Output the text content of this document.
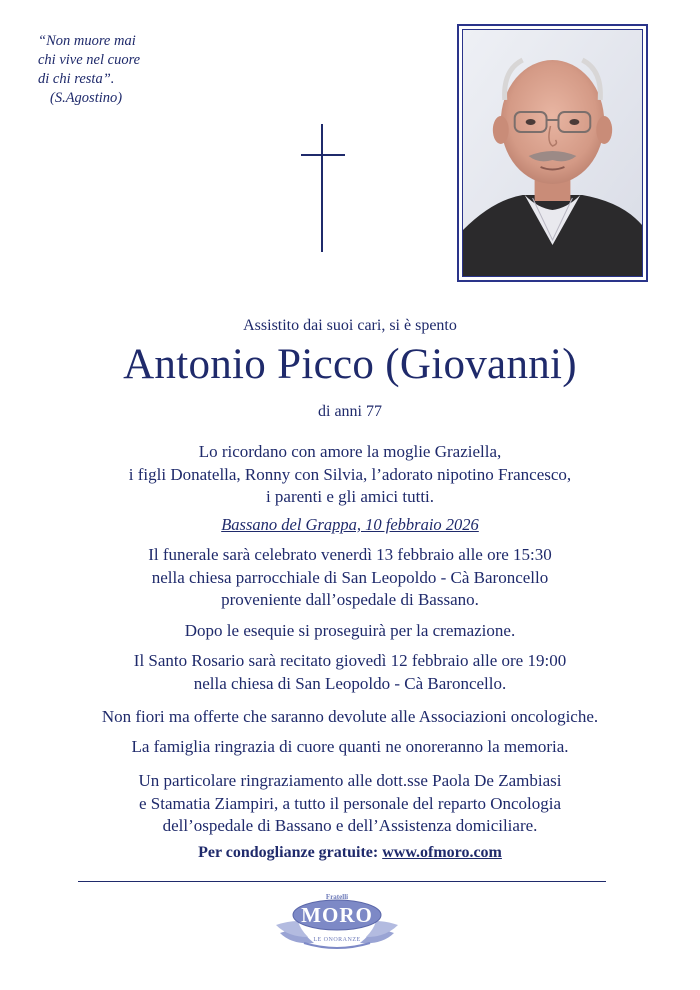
“Non muore mai
chi vive nel cuore
di chi resta”.
(S.Agostino)
Assistito dai suoi cari, si è spento
Antonio Picco (Giovanni)
di anni 77
Lo ricordano con amore la moglie Graziella,
i figli Donatella, Ronny con Silvia, l’adorato nipotino Francesco,
i parenti e gli amici tutti.
Bassano del Grappa, 10 febbraio 2026
Il funerale sarà celebrato venerdì 13 febbraio alle ore 15:30
nella chiesa parrocchiale di San Leopoldo - Cà Baroncello
proveniente dall’ospedale di Bassano.
Dopo le esequie si proseguirà per la cremazione.
Il Santo Rosario sarà recitato giovedì 12 febbraio alle ore 19:00
nella chiesa di San Leopoldo - Cà Baroncello.
Non fiori ma offerte che saranno devolute alle Associazioni oncologiche.
La famiglia ringrazia di cuore quanti ne onoreranno la memoria.
Un particolare ringraziamento alle dott.sse Paola De Zambiasi
e Stamatia Ziampiri, a tutto il personale del reparto Oncologia
dell’ospedale di Bassano e dell’Assistenza domiciliare.
Per condoglianze gratuite: www.ofmoro.com
Fratelli
MORO
LE ONORANZE
